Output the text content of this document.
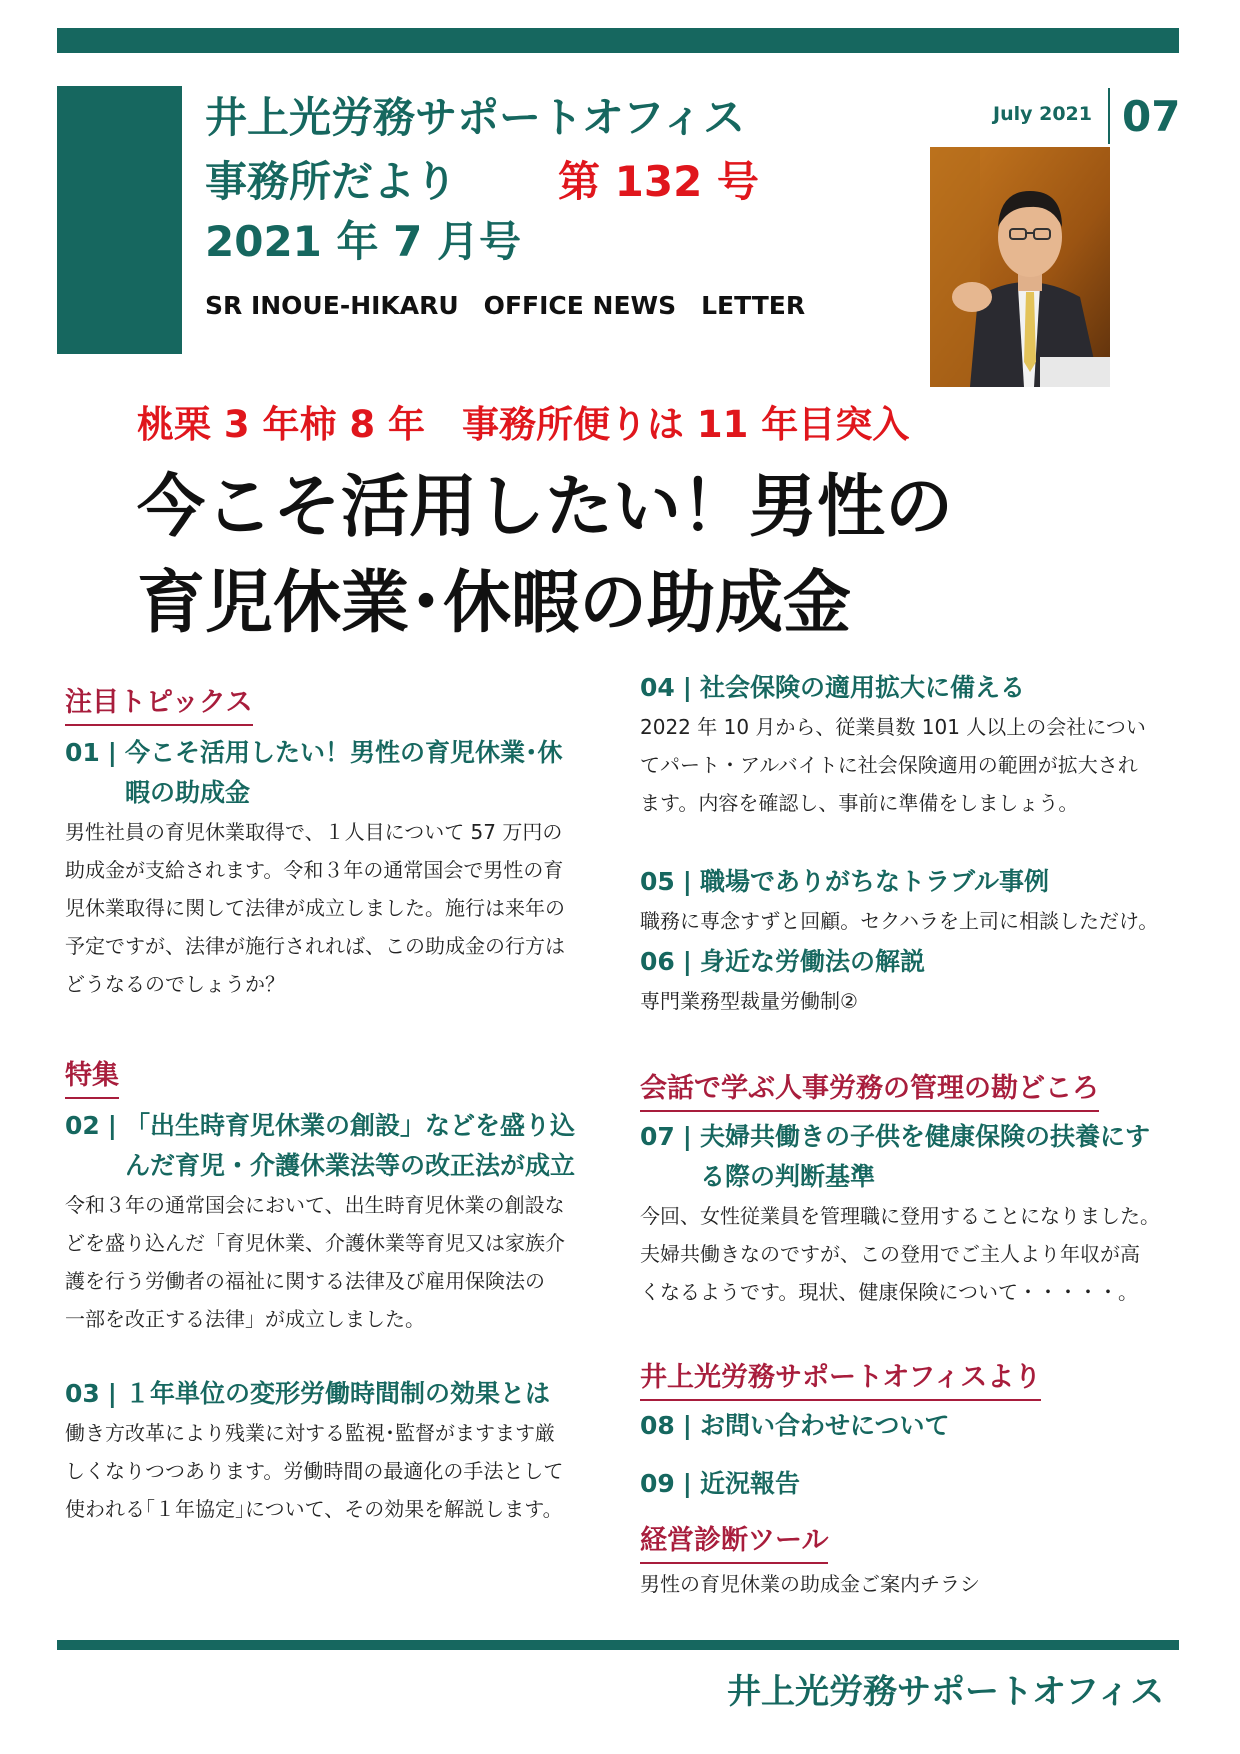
井上光労務サポートオフィス
事務所だより 第 132 号
2021 年 7 月号
SR INOUE-HIKARU　OFFICE NEWS　LETTER
July 2021 07
桃栗 3 年柿 8 年　事務所便りは 11 年目突入
今こそ活用したい！男性の
育児休業･休暇の助成金
注目トピックス
01 | 今こそ活用したい！男性の育児休業･休
暇の助成金
男性社員の育児休業取得で、１人目について 57 万円の
助成金が支給されます。令和３年の通常国会で男性の育
児休業取得に関して法律が成立しました。施行は来年の
予定ですが、法律が施行されれば、この助成金の行方は
どうなるのでしょうか？
特集
02 | 「出生時育児休業の創設」などを盛り込
んだ育児・介護休業法等の改正法が成立
令和３年の通常国会において、出生時育児休業の創設な
どを盛り込んだ「育児休業、介護休業等育児又は家族介
護を行う労働者の福祉に関する法律及び雇用保険法の
一部を改正する法律」が成立しました。
03 | １年単位の変形労働時間制の効果とは
働き方改革により残業に対する監視･監督がますます厳
しくなりつつあります。労働時間の最適化の手法として
使われる｢１年協定｣について、その効果を解説します。
04 | 社会保険の適用拡大に備える
2022 年 10 月から、従業員数 101 人以上の会社につい
てパート・アルバイトに社会保険適用の範囲が拡大され
ます。内容を確認し、事前に準備をしましょう。
05 | 職場でありがちなトラブル事例
職務に専念すずと回顧。セクハラを上司に相談しただけ。
06 | 身近な労働法の解説
専門業務型裁量労働制②
会話で学ぶ人事労務の管理の勘どころ
07 | 夫婦共働きの子供を健康保険の扶養にす
る際の判断基準
今回、女性従業員を管理職に登用することになりました。
夫婦共働きなのですが、この登用でご主人より年収が高
くなるようです。現状、健康保険について・・・・・。
井上光労務サポートオフィスより
08 | お問い合わせについて
09 | 近況報告
経営診断ツール
男性の育児休業の助成金ご案内チラシ
井上光労務サポートオフィス
